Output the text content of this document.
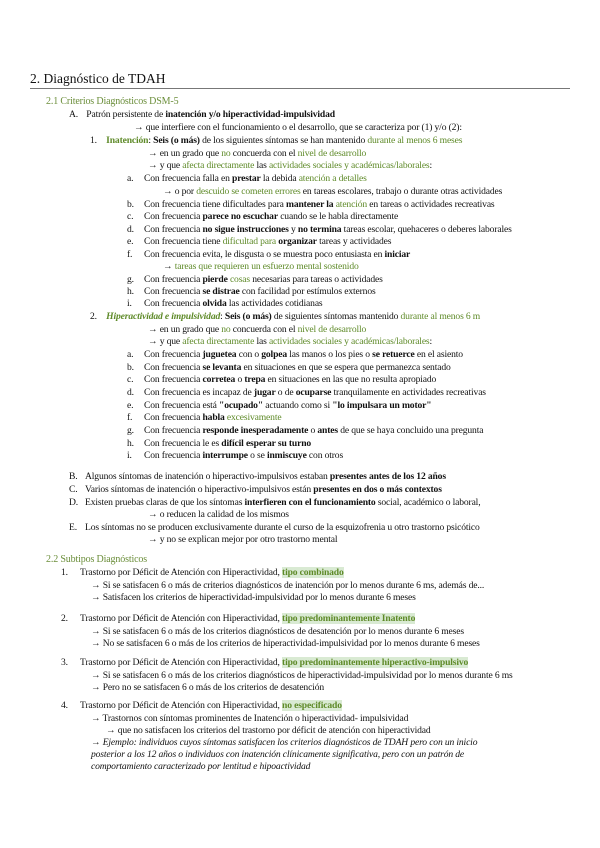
2. Diagnóstico de TDAH
2.1 Criterios Diagnósticos DSM-5
A. Patrón persistente de inatención y/o hiperactividad-impulsividad
→ que interfiere con el funcionamiento o el desarrollo, que se caracteriza por (1) y/o (2):
1. Inatención: Seis (o más) de los siguientes síntomas se han mantenido durante al menos 6 meses
→ en un grado que no concuerda con el nivel de desarrollo
→ y que afecta directamente las actividades sociales y académicas/laborales:
a. Con frecuencia falla en prestar la debida atención a detalles
→ o por descuido se cometen errores en tareas escolares, trabajo o durante otras actividades
b. Con frecuencia tiene dificultades para mantener la atención en tareas o actividades recreativas
c. Con frecuencia parece no escuchar cuando se le habla directamente
d. Con frecuencia no sigue instrucciones y no termina tareas escolar, quehaceres o deberes laborales
e. Con frecuencia tiene dificultad para organizar tareas y actividades
f. Con frecuencia evita, le disgusta o se muestra poco entusiasta en iniciar
→ tareas que requieren un esfuerzo mental sostenido
g. Con frecuencia pierde cosas necesarias para tareas o actividades
h. Con frecuencia se distrae con facilidad por estímulos externos
i. Con frecuencia olvida las actividades cotidianas
2. Hiperactividad e impulsividad: Seis (o más) de siguientes síntomas mantenido durante al menos 6 m
→ en un grado que no concuerda con el nivel de desarrollo
→ y que afecta directamente las actividades sociales y académicas/laborales:
a. Con frecuencia juguetea con o golpea las manos o los pies o se retuerce en el asiento
b. Con frecuencia se levanta en situaciones en que se espera que permanezca sentado
c. Con frecuencia corretea o trepa en situaciones en las que no resulta apropiado
d. Con frecuencia es incapaz de jugar o de ocuparse tranquilamente en actividades recreativas
e. Con frecuencia está "ocupado" actuando como si "lo impulsara un motor"
f. Con frecuencia habla excesivamente
g. Con frecuencia responde inesperadamente o antes de que se haya concluido una pregunta
h. Con frecuencia le es difícil esperar su turno
i. Con frecuencia interrumpe o se inmiscuye con otros
B. Algunos síntomas de inatención o hiperactivo-impulsivos estaban presentes antes de los 12 años
C. Varios síntomas de inatención o hiperactivo-impulsivos están presentes en dos o más contextos
D. Existen pruebas claras de que los síntomas interfieren con el funcionamiento social, académico o laboral,
→ o reducen la calidad de los mismos
E. Los síntomas no se producen exclusivamente durante el curso de la esquizofrenia u otro trastorno psicótico
→ y no se explican mejor por otro trastorno mental
2.2 Subtipos Diagnósticos
1. Trastorno por Déficit de Atención con Hiperactividad, tipo combinado
→ Si se satisfacen 6 o más de criterios diagnósticos de inatención por lo menos durante 6 ms, además de...
→ Satisfacen los criterios de hiperactividad-impulsividad por lo menos durante 6 meses
2. Trastorno por Déficit de Atención con Hiperactividad, tipo predominantemente Inatento
→ Si se satisfacen 6 o más de los criterios diagnósticos de desatención por lo menos durante 6 meses
→ No se satisfacen 6 o más de los criterios de hiperactividad-impulsividad por lo menos durante 6 meses
3. Trastorno por Déficit de Atención con Hiperactividad, tipo predominantemente hiperactivo-impulsivo
→ Si se satisfacen 6 o más de los criterios diagnósticos de hiperactividad-impulsividad por lo menos durante 6 ms
→ Pero no se satisfacen 6 o más de los criterios de desatención
4. Trastorno por Déficit de Atención con Hiperactividad, no especificado
→ Trastornos con síntomas prominentes de Inatención o hiperactividad- impulsividad
→ que no satisfacen los criterios del trastorno por déficit de atención con hiperactividad
→ Ejemplo: individuos cuyos síntomas satisfacen los criterios diagnósticos de TDAH pero con un inicio
posterior a los 12 años o individuos con inatención clínicamente significativa, pero con un patrón de
comportamiento caracterizado por lentitud e hipoactividad
